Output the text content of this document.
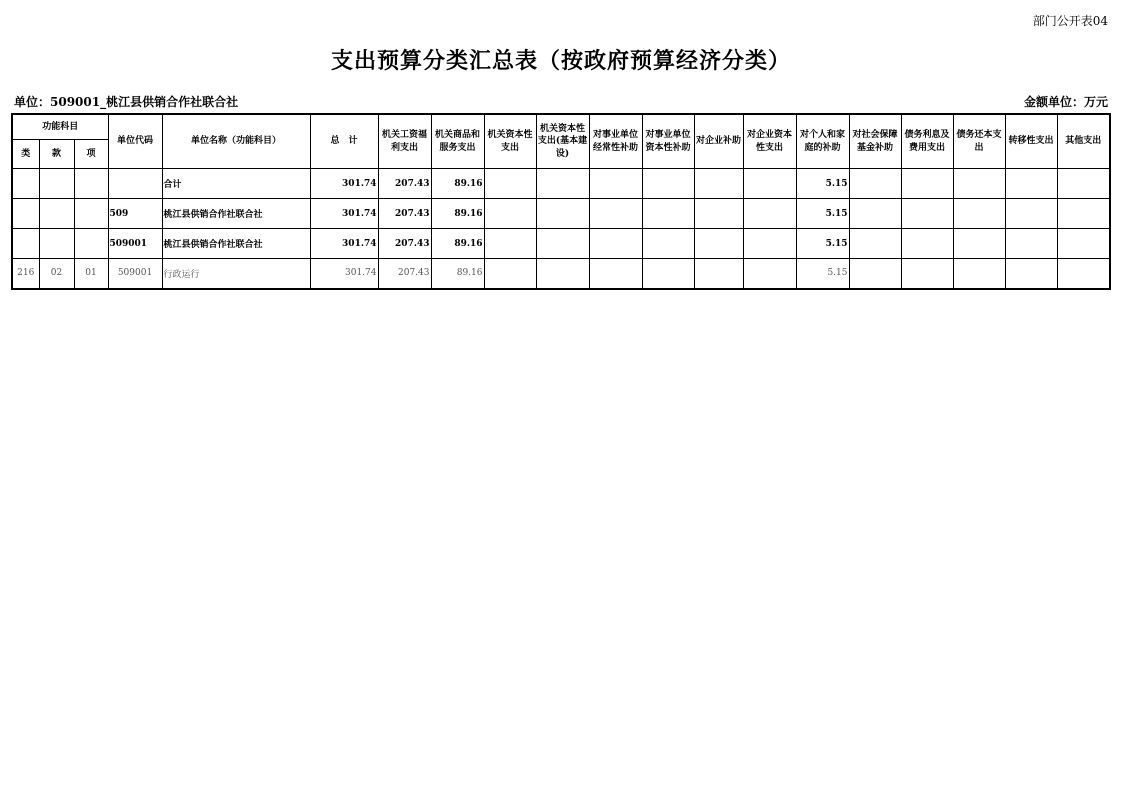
部门公开表04
支出预算分类汇总表（按政府预算经济分类）
单位：509001_桃江县供销合作社联合社	金额单位：万元
功能科目			单位代码	单位名称（功能科目）	总　计	机关工资福利支出	机关商品和服务支出	机关资本性支出	机关资本性支出(基本建设)	对事业单位经常性补助	对事业单位资本性补助	对企业补助	对企业资本性支出	对个人和家庭的补助	对社会保障基金补助	债务利息及费用支出	债务还本支出	转移性支出	其他支出
类	款	项																	
				合计	301.74	207.43	89.16							5.15					
			509	桃江县供销合作社联合社	301.74	207.43	89.16							5.15					
			509001	桃江县供销合作社联合社	301.74	207.43	89.16							5.15					
216	02	01	509001	行政运行	301.74	207.43	89.16							5.15					
